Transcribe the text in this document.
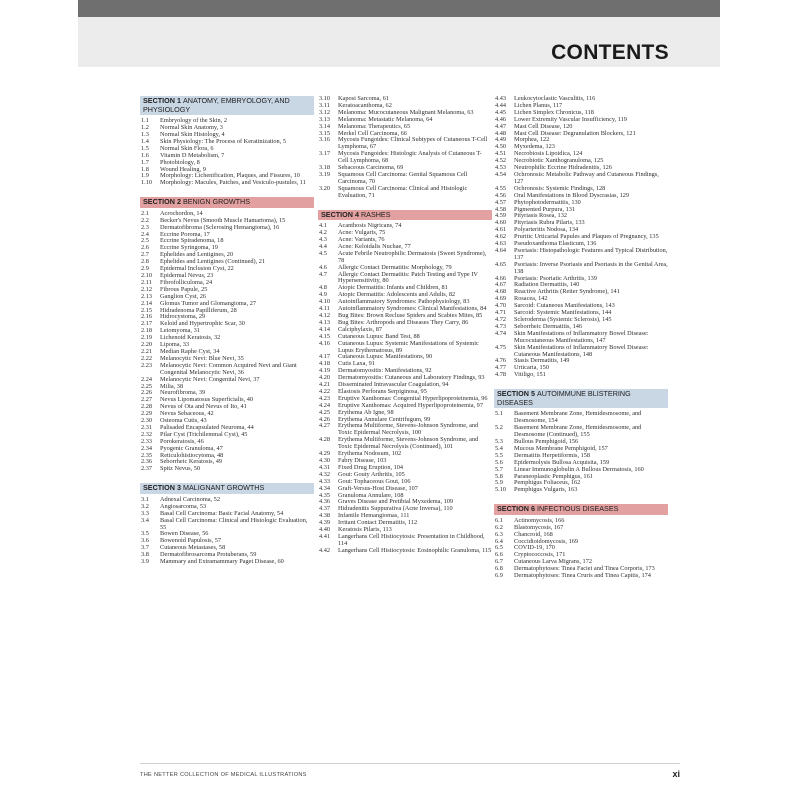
CONTENTS
SECTION 1 ANATOMY, EMBRYOLOGY, AND PHYSIOLOGY
1.1	Embryology of the Skin, 2
1.2	Normal Skin Anatomy, 3
1.3	Normal Skin Histology, 4
1.4	Skin Physiology: The Process of Keratinization, 5
1.5	Normal Skin Flora, 6
1.6	Vitamin D Metabolism, 7
1.7	Photobiology, 8
1.8	Wound Healing, 9
1.9	Morphology: Lichenification, Plaques, and Fissures, 10
1.10	Morphology: Macules, Patches, and Vesiculo-pustules, 11
SECTION 2 BENIGN GROWTHS
2.1	Acrochordon, 14
2.2	Becker's Nevus (Smooth Muscle Hamartoma), 15
2.3	Dermatofibroma (Sclerosing Hemangioma), 16
2.4	Eccrine Poroma, 17
2.5	Eccrine Spiradenoma, 18
2.6	Eccrine Syringoma, 19
2.7	Ephelides and Lentigines, 20
2.8	Ephelides and Lentigines (Continued), 21
2.9	Epidermal Inclusion Cyst, 22
2.10	Epidermal Nevus, 23
2.11	Fibrofolliculoma, 24
2.12	Fibrous Papule, 25
2.13	Ganglion Cyst, 26
2.14	Glomus Tumor and Glomangioma, 27
2.15	Hidradenoma Papilliferum, 28
2.16	Hidrocystoma, 29
2.17	Keloid and Hypertrophic Scar, 30
2.18	Leiomyoma, 31
2.19	Lichenoid Keratosis, 32
2.20	Lipoma, 33
2.21	Median Raphe Cyst, 34
2.22	Melanocytic Nevi: Blue Nevi, 35
2.23	Melanocytic Nevi: Common Acquired Nevi and Giant Congenital Melanocytic Nevi, 36
2.24	Melanocytic Nevi: Congenital Nevi, 37
2.25	Milia, 38
2.26	Neurofibroma, 39
2.27	Nevus Lipomatosus Superficialis, 40
2.28	Nevus of Ota and Nevus of Ito, 41
2.29	Nevus Sebaceous, 42
2.30	Osteoma Cutis, 43
2.31	Palisaded Encapsulated Neuroma, 44
2.32	Pilar Cyst (Trichilemmal Cyst), 45
2.33	Porokeratosis, 46
2.34	Pyogenic Granuloma, 47
2.35	Reticulohistiocytoma, 48
2.36	Seborrheic Keratosis, 49
2.37	Spitz Nevus, 50
SECTION 3 MALIGNANT GROWTHS
3.1	Adnexal Carcinoma, 52
3.2	Angiosarcoma, 53
3.3	Basal Cell Carcinoma: Basic Facial Anatomy, 54
3.4	Basal Cell Carcinoma: Clinical and Histologic Evaluation, 55
3.5	Bowen Disease, 56
3.6	Bowenoid Papulosis, 57
3.7	Cutaneous Metastases, 58
3.8	Dermatofibrosarcoma Protuberans, 59
3.9	Mammary and Extramammary Paget Disease, 60
3.10	Kaposi Sarcoma, 61
3.11	Keratoacanthoma, 62
3.12	Melanoma: Mucocutaneous Malignant Melanoma, 63
3.13	Melanoma: Metastatic Melanoma, 64
3.14	Melanoma: Therapeutics, 65
3.15	Merkel Cell Carcinoma, 66
3.16	Mycosis Fungoides: Clinical Subtypes of Cutaneous T-Cell Lymphoma, 67
3.17	Mycosis Fungoides: Histologic Analysis of Cutaneous T-Cell Lymphoma, 68
3.18	Sebaceous Carcinoma, 69
3.19	Squamous Cell Carcinoma: Genital Squamous Cell Carcinoma, 70
3.20	Squamous Cell Carcinoma: Clinical and Histologic Evaluation, 71
SECTION 4 RASHES
4.1	Acanthosis Nigricans, 74
4.2	Acne: Vulgaris, 75
4.3	Acne: Variants, 76
4.4	Acne: Keloidalis Nuchae, 77
4.5	Acute Febrile Neutrophilic Dermatosis (Sweet Syndrome), 78
4.6	Allergic Contact Dermatitis: Morphology, 79
4.7	Allergic Contact Dermatitis: Patch Testing and Type IV Hypersensitivity, 80
4.8	Atopic Dermatitis: Infants and Children, 81
4.9	Atopic Dermatitis: Adolescents and Adults, 82
4.10	Autoinflammatory Syndromes: Pathophysiology, 83
4.11	Autoinflammatory Syndromes: Clinical Manifestations, 84
4.12	Bug Bites: Brown Recluse Spiders and Scabies Mites, 85
4.13	Bug Bites: Arthropods and Diseases They Carry, 86
4.14	Calciphylaxis, 87
4.15	Cutaneous Lupus: Band Test, 88
4.16	Cutaneous Lupus: Systemic Manifestations of Systemic Lupus Erythematosus, 89
4.17	Cutaneous Lupus: Manifestations, 90
4.18	Cutis Laxa, 91
4.19	Dermatomyositis: Manifestations, 92
4.20	Dermatomyositis: Cutaneous and Laboratory Findings, 93
4.21	Disseminated Intravascular Coagulation, 94
4.22	Elastosis Perforans Serpiginosa, 95
4.23	Eruptive Xanthomas: Congenital Hyperlipoproteinemia, 96
4.24	Eruptive Xanthomas: Acquired Hyperlipoproteinemia, 97
4.25	Erythema Ab Igne, 98
4.26	Erythema Annulare Centrifugum, 99
4.27	Erythema Multiforme, Stevens-Johnson Syndrome, and Toxic Epidermal Necrolysis, 100
4.28	Erythema Multiforme, Stevens-Johnson Syndrome, and Toxic Epidermal Necrolysis (Continued), 101
4.29	Erythema Nodosum, 102
4.30	Fabry Disease, 103
4.31	Fixed Drug Eruption, 104
4.32	Gout: Gouty Arthritis, 105
4.33	Gout: Tophaceous Gout, 106
4.34	Graft-Versus-Host Disease, 107
4.35	Granuloma Annulare, 108
4.36	Graves Disease and Pretibial Myxedema, 109
4.37	Hidradenitis Suppurativa (Acne Inversa), 110
4.38	Infantile Hemangiomas, 111
4.39	Irritant Contact Dermatitis, 112
4.40	Keratosis Pilaris, 113
4.41	Langerhans Cell Histiocytosis: Presentation in Childhood, 114
4.42	Langerhans Cell Histiocytosis: Eosinophilic Granuloma, 115
4.43	Leukocytoclastic Vasculitis, 116
4.44	Lichen Planus, 117
4.45	Lichen Simplex Chronicus, 118
4.46	Lower Extremity Vascular Insufficiency, 119
4.47	Mast Cell Disease, 120
4.48	Mast Cell Disease: Degranulation Blockers, 121
4.49	Morphea, 122
4.50	Myxedema, 123
4.51	Necrobiosis Lipoidica, 124
4.52	Necrobiotic Xanthogranuloma, 125
4.53	Neutrophilic Eccrine Hidradenitis, 126
4.54	Ochronosis: Metabolic Pathway and Cutaneous Findings, 127
4.55	Ochronosis: Systemic Findings, 128
4.56	Oral Manifestations in Blood Dyscrasias, 129
4.57	Phytophotodermatitis, 130
4.58	Pigmented Purpura, 131
4.59	Pityriasis Rosea, 132
4.60	Pityriasis Rubra Pilaris, 133
4.61	Polyarteritis Nodosa, 134
4.62	Pruritic Urticarial Papules and Plaques of Pregnancy, 135
4.63	Pseudoxanthoma Elasticum, 136
4.64	Psoriasis: Histopathologic Features and Typical Distribution, 137
4.65	Psoriasis: Inverse Psoriasis and Psoriasis in the Genital Area, 138
4.66	Psoriasis: Psoriatic Arthritis, 139
4.67	Radiation Dermatitis, 140
4.68	Reactive Arthritis (Reiter Syndrome), 141
4.69	Rosacea, 142
4.70	Sarcoid: Cutaneous Manifestations, 143
4.71	Sarcoid: Systemic Manifestations, 144
4.72	Scleroderma (Systemic Sclerosis), 145
4.73	Seborrheic Dermatitis, 146
4.74	Skin Manifestations of Inflammatory Bowel Disease: Mucocutaneous Manifestations, 147
4.75	Skin Manifestations of Inflammatory Bowel Disease: Cutaneous Manifestations, 148
4.76	Stasis Dermatitis, 149
4.77	Urticaria, 150
4.78	Vitiligo, 151
SECTION 5 AUTOIMMUNE BLISTERING DISEASES
5.1	Basement Membrane Zone, Hemidesmosome, and Desmosome, 154
5.2	Basement Membrane Zone, Hemidesmosome, and Desmosome (Continued), 155
5.3	Bullous Pemphigoid, 156
5.4	Mucous Membrane Pemphigoid, 157
5.5	Dermatitis Herpetiformis, 158
5.6	Epidermolysis Bullosa Acquisita, 159
5.7	Linear Immunoglobulin A Bullous Dermatosis, 160
5.8	Paraneoplastic Pemphigus, 161
5.9	Pemphigus Foliaceus, 162
5.10	Pemphigus Vulgaris, 163
SECTION 6 INFECTIOUS DISEASES
6.1	Actinomycosis, 166
6.2	Blastomycosis, 167
6.3	Chancroid, 168
6.4	Coccidioidomycosis, 169
6.5	COVID-19, 170
6.6	Cryptococcosis, 171
6.7	Cutaneous Larva Migrans, 172
6.8	Dermatophytoses: Tinea Faciei and Tinea Corporis, 173
6.9	Dermatophytoses: Tinea Cruris and Tinea Capitis, 174
THE NETTER COLLECTION OF MEDICAL ILLUSTRATIONS	xi
